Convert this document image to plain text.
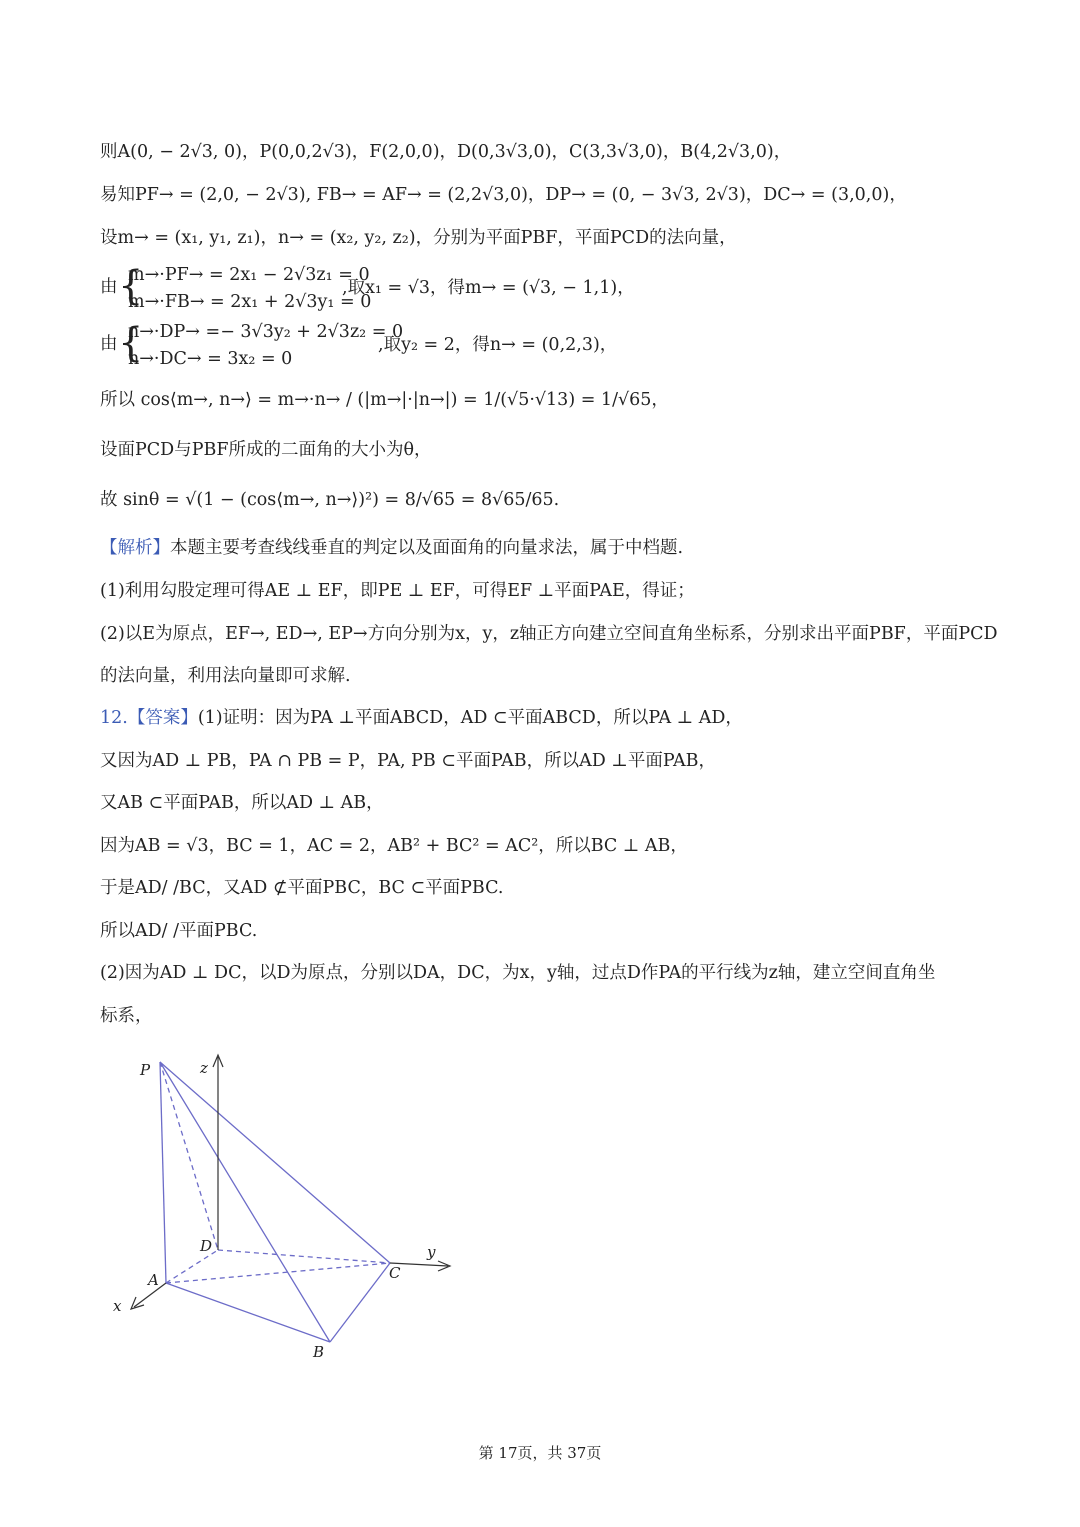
则A(0, − 2√3, 0)，P(0,0,2√3)，F(2,0,0)，D(0,3√3,0)，C(3,3√3,0)，B(4,2√3,0)，
易知PF→ = (2,0, − 2√3), FB→ = AF→ = (2,2√3,0)，DP→ = (0, − 3√3, 2√3)，DC→ = (3,0,0)，
设m→ = (x₁, y₁, z₁)，n→ = (x₂, y₂, z₂)，分别为平面PBF，平面PCD的法向量，
由 {
m→·PF→ = 2x₁ − 2√3z₁ = 0
m→·FB→ = 2x₁ + 2√3y₁ = 0
,取x₁ = √3，得m→ = (√3, − 1,1)，
由 {
n→·DP→ =− 3√3y₂ + 2√3z₂ = 0
n→·DC→ = 3x₂ = 0
,取y₂ = 2，得n→ = (0,2,3)，
所以 cos⟨m→, n→⟩ = m→·n→ / (|m→|·|n→|) = 1/(√5·√13) = 1/√65，
设面PCD与PBF所成的二面角的大小为θ，
故 sinθ = √(1 − (cos⟨m→, n→⟩)²) = 8/√65 = 8√65/65.
【解析】本题主要考查线线垂直的判定以及面面角的向量求法，属于中档题.
(1)利用勾股定理可得AE ⊥ EF，即PE ⊥ EF，可得EF ⊥平面PAE，得证；
(2)以E为原点，EF→, ED→, EP→方向分别为x，y，z轴正方向建立空间直角坐标系，分别求出平面PBF，平面PCD
的法向量，利用法向量即可求解.
12.【答案】(1)证明：因为PA ⊥平面ABCD，AD ⊂平面ABCD，所以PA ⊥ AD，
又因为AD ⊥ PB，PA ∩ PB = P，PA, PB ⊂平面PAB，所以AD ⊥平面PAB，
又AB ⊂平面PAB，所以AD ⊥ AB，
因为AB = √3，BC = 1，AC = 2，AB² + BC² = AC²，所以BC ⊥ AB，
于是AD/ /BC，又AD ⊄平面PBC，BC ⊂平面PBC.
所以AD/ /平面PBC.
(2)因为AD ⊥ DC，以D为原点，分别以DA，DC，为x，y轴，过点D作PA的平行线为z轴，建立空间直角坐
标系，
P	z
D	y
A	C
x
B
第 17页，共 37页
